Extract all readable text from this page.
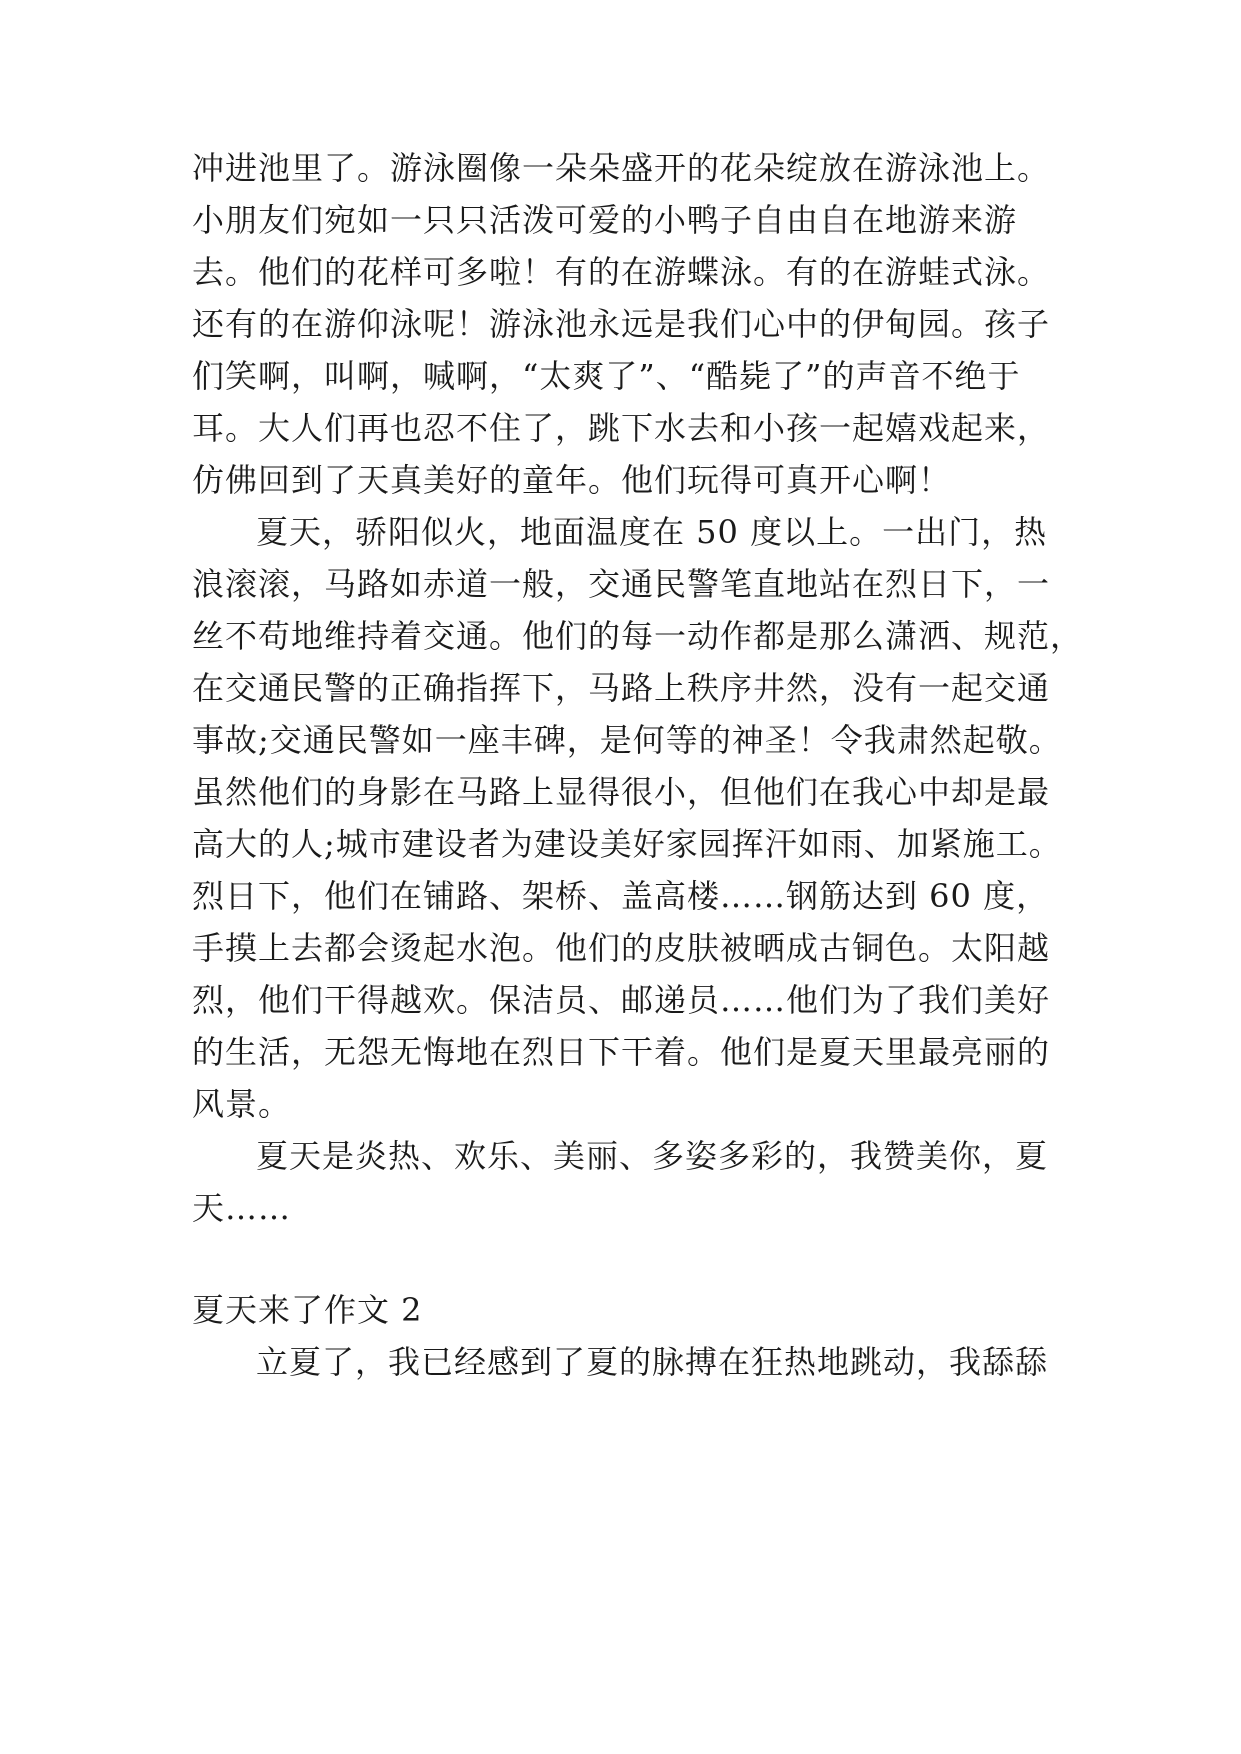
冲进池里了。游泳圈像一朵朵盛开的花朵绽放在游泳池上。
小朋友们宛如一只只活泼可爱的小鸭子自由自在地游来游
去。他们的花样可多啦！有的在游蝶泳。有的在游蛙式泳。
还有的在游仰泳呢！游泳池永远是我们心中的伊甸园。孩子
们笑啊，叫啊，喊啊，“太爽了”、“酷毙了”的声音不绝于
耳。大人们再也忍不住了，跳下水去和小孩一起嬉戏起来，
仿佛回到了天真美好的童年。他们玩得可真开心啊！
夏天，骄阳似火，地面温度在 50 度以上。一出门，热
浪滚滚，马路如赤道一般，交通民警笔直地站在烈日下，一
丝不苟地维持着交通。他们的每一动作都是那么潇洒、规范，
在交通民警的正确指挥下，马路上秩序井然，没有一起交通
事故;交通民警如一座丰碑，是何等的神圣！令我肃然起敬。
虽然他们的身影在马路上显得很小，但他们在我心中却是最
高大的人;城市建设者为建设美好家园挥汗如雨、加紧施工。
烈日下，他们在铺路、架桥、盖高楼……钢筋达到 60 度，
手摸上去都会烫起水泡。他们的皮肤被晒成古铜色。太阳越
烈，他们干得越欢。保洁员、邮递员……他们为了我们美好
的生活，无怨无悔地在烈日下干着。他们是夏天里最亮丽的
风景。
夏天是炎热、欢乐、美丽、多姿多彩的，我赞美你，夏
天……
夏天来了作文 2
立夏了，我已经感到了夏的脉搏在狂热地跳动，我舔舔
